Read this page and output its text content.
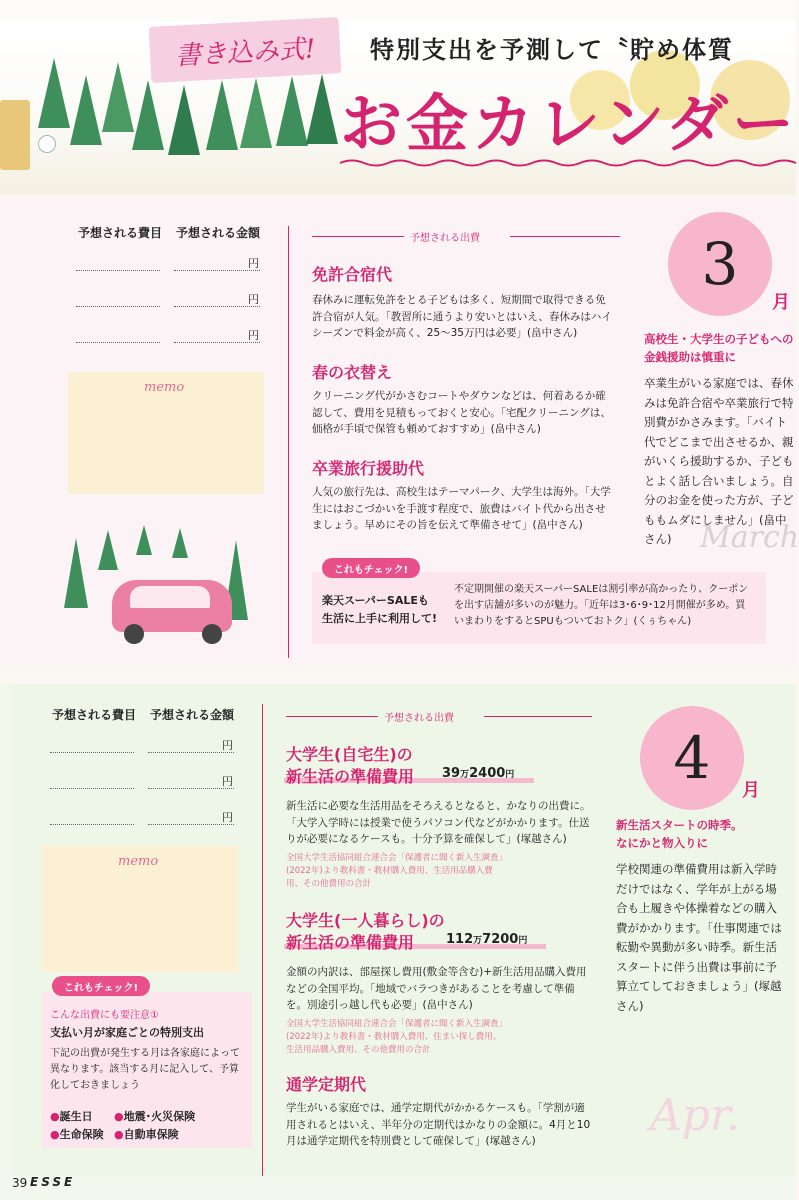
書き込み式!	特別支出を予測して〝貯め体質
お金カレンダー
予想される費目 予想される金額
円
円
円
memo
予想される出費
免許合宿代
春休みに運転免許をとる子どもは多く、短期間で取得できる免許合宿が人気。「教習所に通うより安いとはいえ、春休みはハイシーズンで料金が高く、25～35万円は必要」(畠中さん)
春の衣替え
クリーニング代がかさむコートやダウンなどは、何着あるか確認して、費用を見積もっておくと安心。「宅配クリーニングは、価格が手頃で保管も頼めておすすめ」(畠中さん)
卒業旅行援助代
人気の旅行先は、高校生はテーマパーク、大学生は海外。「大学生にはおこづかいを手渡す程度で、旅費はバイト代から出させましょう。早めにその旨を伝えて準備させて」(畠中さん)
これもチェック!
楽天スーパーSALEも
生活に上手に利用して!
不定期開催の楽天スーパーSALEは割引率が高かったり、クーポンを出す店舗が多いのが魅力。「近年は3･6･9･12月開催が多め。買いまわりをするとSPUもついておトク」(くぅちゃん)
3
月
高校生・大学生の子どもへの
金銭援助は慎重に
卒業生がいる家庭では、春休みは免許合宿や卒業旅行で特別費がかさみます。「バイト代でどこまで出させるか、親がいくら援助するか、子どもとよく話し合いましょう。自分のお金を使った方が、子どももムダにしません」(畠中さん) March
予想される費目 予想される金額
円
円
円
memo
これもチェック!
こんな出費にも要注意①
支払い月が家庭ごとの特別支出
下記の出費が発生する月は各家庭によって異なります。該当する月に記入して、予算化しておきましょう
●誕生日 ●地震･火災保険
●生命保険 ●自動車保険
予想される出費
大学生(自宅生)の
新生活の準備費用 39万2400円
新生活に必要な生活用品をそろえるとなると、かなりの出費に。「大学入学時には授業で使うパソコン代などがかかります。仕送りが必要になるケースも。十分予算を確保して」(塚越さん)
全国大学生活協同組合連合会「保護者に聞く新入生調査」(2022年)より教科書・教材購入費用、生活用品購入費用、その他費用の合計
大学生(一人暮らし)の
新生活の準備費用 112万7200円
金額の内訳は、部屋探し費用(敷金等含む)+新生活用品購入費用などの全国平均。「地域でバラつきがあることを考慮して準備を。別途引っ越し代も必要」(畠中さん)
全国大学生活協同組合連合会「保護者に聞く新入生調査」(2022年)より教科書・教材購入費用、住まい探し費用、生活用品購入費用、その他費用の合計
通学定期代
学生がいる家庭では、通学定期代がかかるケースも。「学割が適用されるとはいえ、半年分の定期代はかなりの金額に。4月と10月は通学定期代を特別費として確保して」(塚越さん)
4	月
新生活スタートの時季。
なにかと物入りに
学校関連の準備費用は新入学時だけではなく、学年が上がる場合も上履きや体操着などの購入費がかかります。「仕事関連では転勤や異動が多い時季。新生活スタートに伴う出費は事前に予算立てしておきましょう」(塚越さん)
Apr.
39 ESSE
